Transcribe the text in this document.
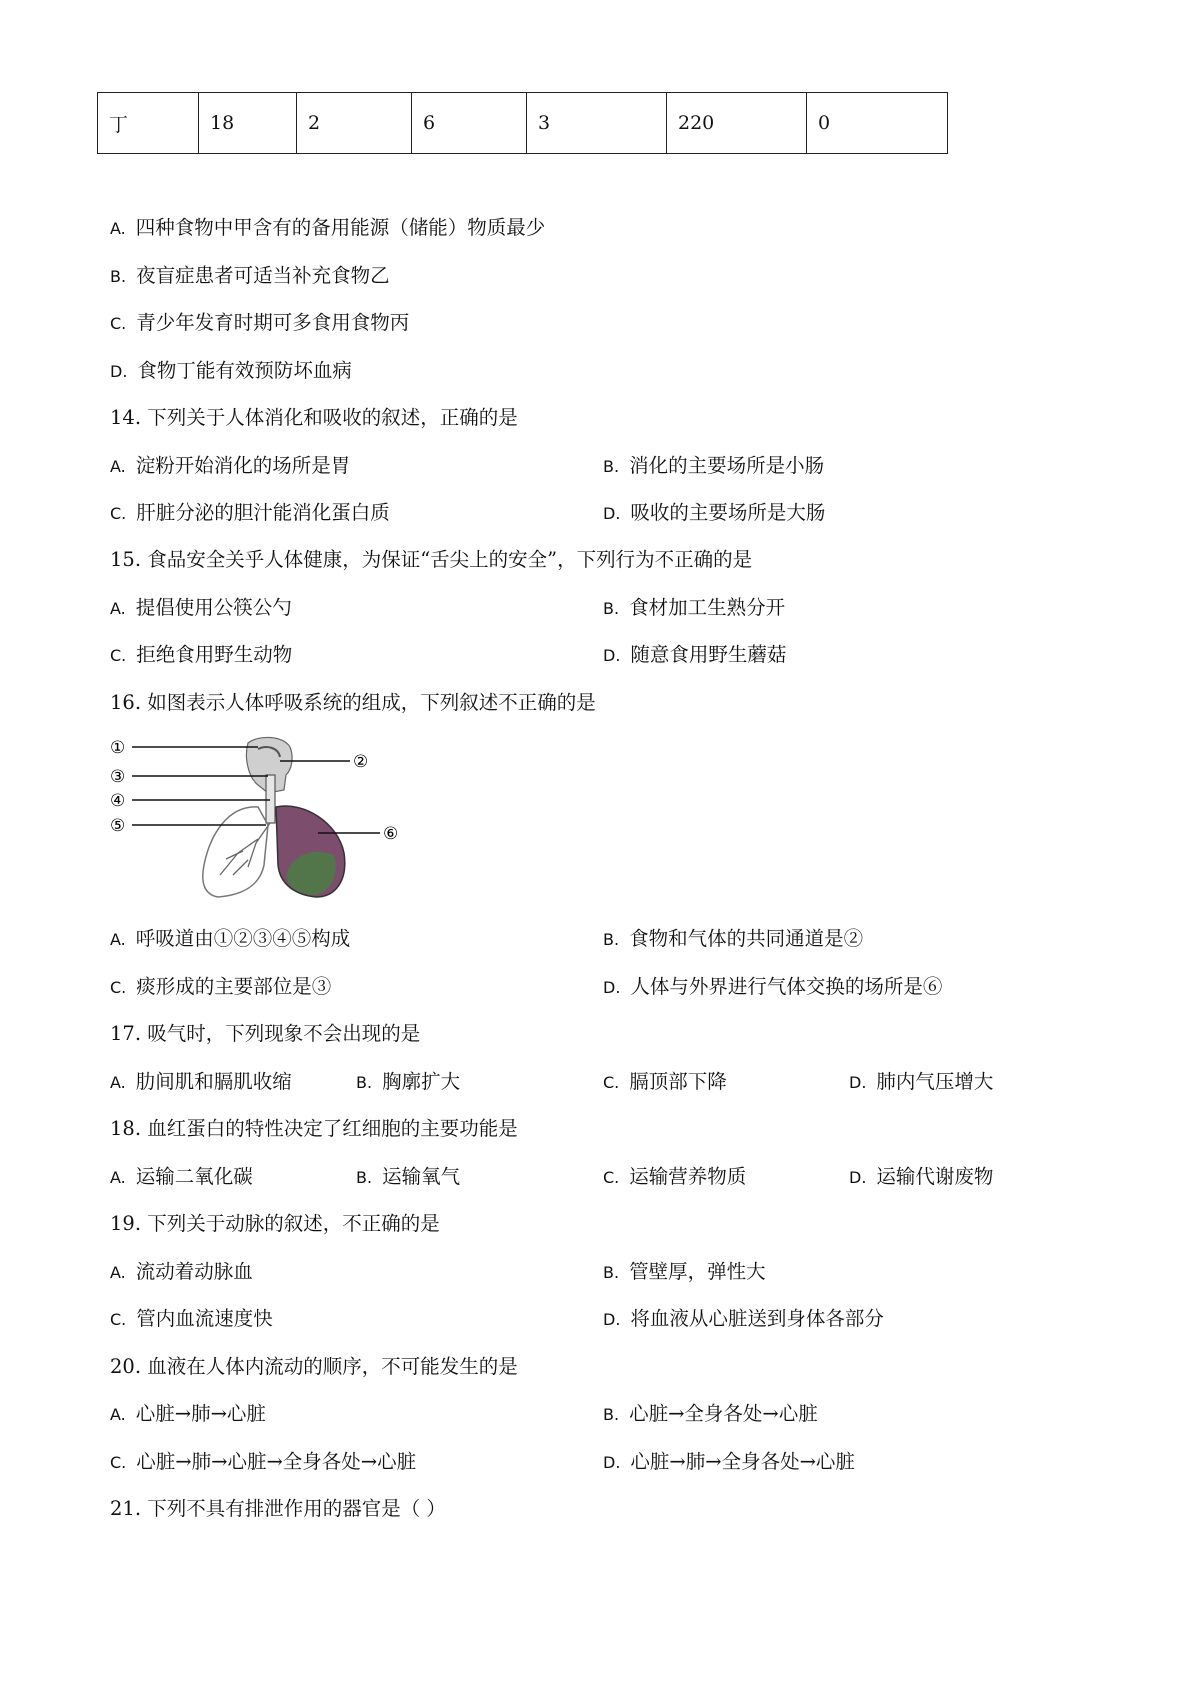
丁	18	2	6	3	220	0
A. 四种食物中甲含有的备用能源（储能）物质最少
B. 夜盲症患者可适当补充食物乙
C. 青少年发育时期可多食用食物丙
D. 食物丁能有效预防坏血病
14. 下列关于人体消化和吸收的叙述，正确的是
A. 淀粉开始消化的场所是胃	B. 消化的主要场所是小肠
C. 肝脏分泌的胆汁能消化蛋白质	D. 吸收的主要场所是大肠
15. 食品安全关乎人体健康，为保证“舌尖上的安全”，下列行为不正确的是
A. 提倡使用公筷公勺	B. 食材加工生熟分开
C. 拒绝食用野生动物	D. 随意食用野生蘑菇
16. 如图表示人体呼吸系统的组成，下列叙述不正确的是
①
②
③
④
⑤	⑥
A. 呼吸道由①②③④⑤构成	B. 食物和气体的共同通道是②
C. 痰形成的主要部位是③	D. 人体与外界进行气体交换的场所是⑥
17. 吸气时，下列现象不会出现的是
A. 肋间肌和膈肌收缩	B. 胸廓扩大	C. 膈顶部下降	D. 肺内气压增大
18. 血红蛋白的特性决定了红细胞的主要功能是
A. 运输二氧化碳	B. 运输氧气	C. 运输营养物质	D. 运输代谢废物
19. 下列关于动脉的叙述，不正确的是
A. 流动着动脉血	B. 管壁厚，弹性大
C. 管内血流速度快	D. 将血液从心脏送到身体各部分
20. 血液在人体内流动的顺序，不可能发生的是
A. 心脏→肺→心脏	B. 心脏→全身各处→心脏
C. 心脏→肺→心脏→全身各处→心脏	D. 心脏→肺→全身各处→心脏
21. 下列不具有排泄作用的器官是（ ）
